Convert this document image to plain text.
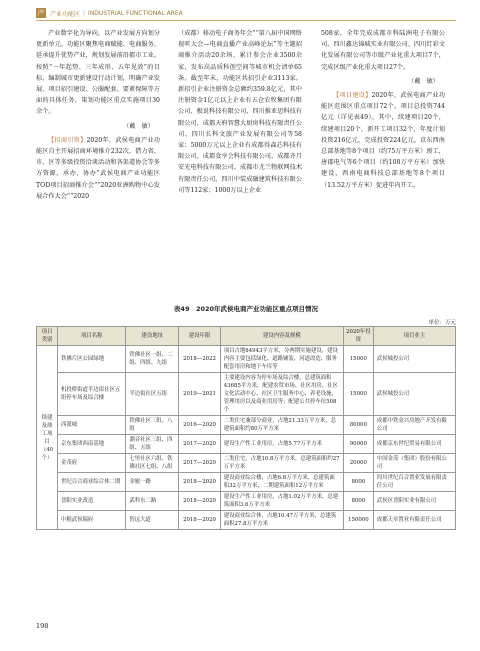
产 产业功能区 | INDUSTRIAL FUNCTIONAL AREA

产业数字化为导向，以产业发展方向划分更新单元。功能区聚焦电商赋能、电商服务、延承提升优势产业，规划发展前沿都市工业。按照“一年起势、三年成形、五年见效”的目标，编制城市更新建设行动计划，明确产业发展、项目招引建设、公服配套、要素保障等方面的具体任务，策划功能区重点实施项目30余个。

（戴　敏）

【招商引资】2020年，武侯电商产业功能区自主开展招商环境推介232次，借力省、市、区等多级投资洽谈活动和各渠道协会等多方资源，承办、协办“武侯电商产业功能区TOD项目招商推介会”“2020亚洲购物中心发展合作大会”“2020

（成都）移动电子商务年会”“第八届中国网络视听大会—电商直播产业高峰论坛”等主题招商推介活动20余场，累计参会企业3500余家，发布高品质科创空间等城市机会清单65条。截至年末，功能区共招引企业3113家。新招引企业注册资金总额约359.8亿元，其中注册资金1亿元以上企业有五仓农牧集团有限公司、极说科技有限公司、四川推亚思科技有限公司、成都天府智慧大厨房科技有限责任公司、四川长科文旅产业发展有限公司等58家；5000万元以上企业有成都得森芯科技有限公司、成都食享会科技有限公司、成都齐月安光电科技有限公司、成都市尤兰物联网技术有限责任公司、四川中装成融建筑科技有限公司等112家；1000万以上企业

508家，全年完成成都市科陆洲电子有限公司、四川鑫达锦城实业有限公司、四川灯彩文化发展有限公司等市级产业化重大项目7个，完成区级产业化重大项目27个。

（戴　敏）

【项目建设】2020年，武侯电商产业功能区范围区重点项目72个，项目总投资744亿元（详见表49）。其中，续建项目20个，续建项目20个，新开工项目32个，年度计划投资216亿元，完成投资224亿元。京东西南总部基地等8个项目（约75万平方米）竣工，唐郡电气等6个项目（约108万平方米）加快建设，西南电商科技总部基地等8个项目（13.52万平方米）促进年内开工。

表49　2020年武侯电商产业功能区重点项目情况
单位：万元
项目类别	项目名称	建设地址	建设年限	建设内容及规模	2020年投资	项目业主
续建及竣工项目（40个）	铁佛片区公园绿地	铁佛社区一组、二组、四组、九组	2018—2022	项目占地84943平方米，分两期实施建设，建设内容主要包括绿化、道路铺装、河道改造、服务配套用房和地下车库等	15000	武侯城投公司
	机投桥街道半边街社区五组停车场及综合楼	半边街社区五组	2019—2021	主要建设内容为停车场及综合楼，总建筑面积43685平方米，配建农贸市场、社区用房、社区文化活动中心、社区卫生服务中心、养老设施、管理用房以及商业用房等；配建公共停车位508个	15000	武侯城投公司
	西派城	铁佛社区三组、八组	2016—2020	二类住宅兼部分商业，占地21.33万平方米，总建筑面积约80万平方米	80000	成都中铁金兴房地产开发有限公司
	京东集团西南基地	潮音社区三组、四组、五组	2017—2020	建设生产性工业用房，占地5.77万平方米	90000	成都京东世纪贸易有限公司
	金茂府	七里社区六组、铁佛社区七组、八组	2017—2020	二类住宅，占地10.8万平方米，总建筑面积约27万平方米	20000	中国金茂（集团）股份有限公司
	世纪百合商业综合体二期	金履一路	2018—2020	建设商业综合楼，占地6.8万平方米，总建筑面积32万平方米，二期建筑面积12万平方米	8000	四川世纪百合置业发展有限责任公司
	晋阳实业改造	武科东二路	2018—2020	建设生产性工业用房，占地1.02万平方米，总建筑面积3.6万平方米	8000	武侯区晋阳实业有限公司
	中粮武侯瑞府	智远大道	2018—2020	建设商业综合体，占地10.47万平方米，总建筑面积27.8万平方米	150000	成都天章置业有限责任公司
198
